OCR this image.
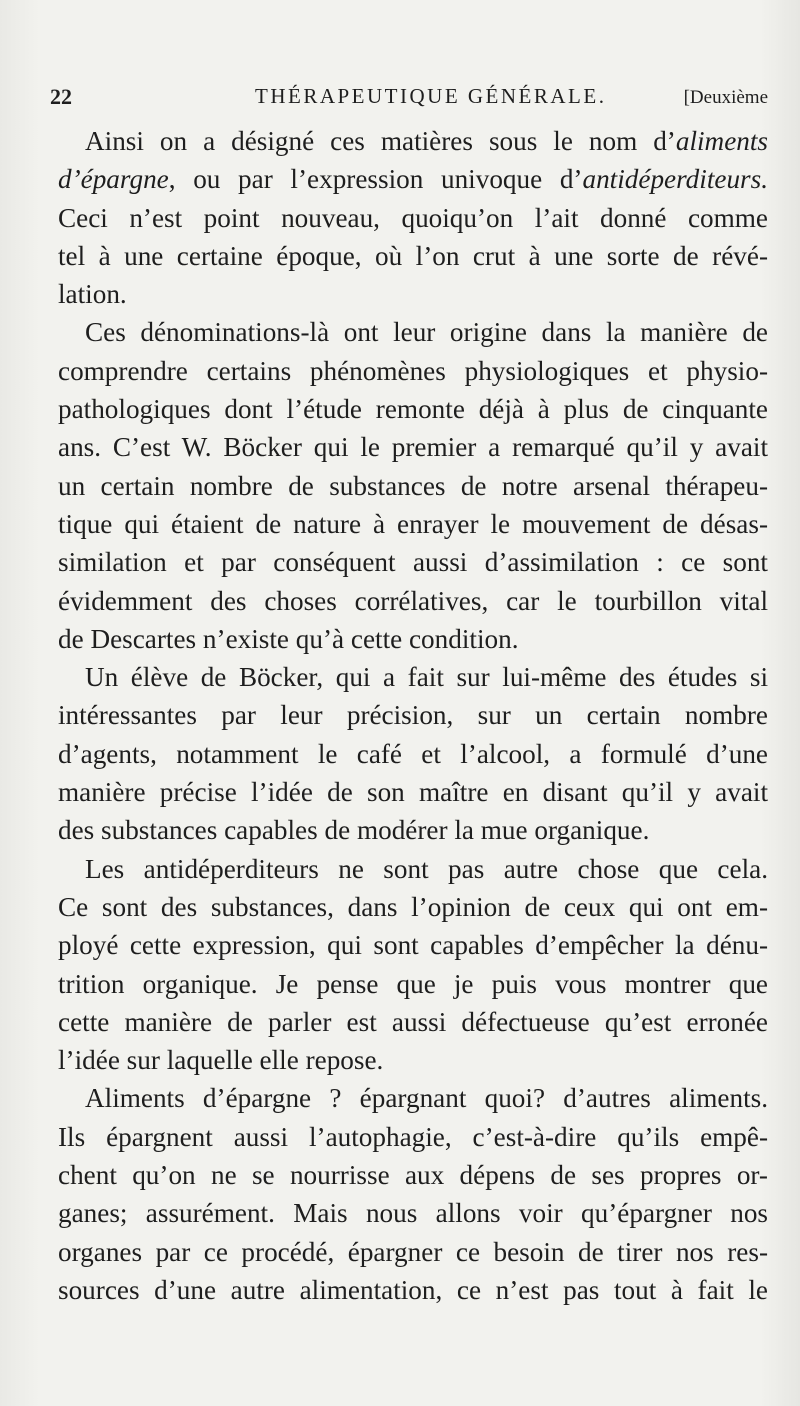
22	THÉRAPEUTIQUE GÉNÉRALE.	[Deuxième
Ainsi on a désigné ces matières sous le nom d’aliments
d’épargne, ou par l’expression univoque d’antidéperditeurs.
Ceci n’est point nouveau, quoiqu’on l’ait donné comme
tel à une certaine époque, où l’on crut à une sorte de révé-
lation.
Ces dénominations-là ont leur origine dans la manière de
comprendre certains phénomènes physiologiques et physio-
pathologiques dont l’étude remonte déjà à plus de cinquante
ans. C’est W. Böcker qui le premier a remarqué qu’il y avait
un certain nombre de substances de notre arsenal thérapeu-
tique qui étaient de nature à enrayer le mouvement de désas-
similation et par conséquent aussi d’assimilation : ce sont
évidemment des choses corrélatives, car le tourbillon vital
de Descartes n’existe qu’à cette condition.
Un élève de Böcker, qui a fait sur lui-même des études si
intéressantes par leur précision, sur un certain nombre
d’agents, notamment le café et l’alcool, a formulé d’une
manière précise l’idée de son maître en disant qu’il y avait
des substances capables de modérer la mue organique.
Les antidéperditeurs ne sont pas autre chose que cela.
Ce sont des substances, dans l’opinion de ceux qui ont em-
ployé cette expression, qui sont capables d’empêcher la dénu-
trition organique. Je pense que je puis vous montrer que
cette manière de parler est aussi défectueuse qu’est erronée
l’idée sur laquelle elle repose.
Aliments d’épargne ? épargnant quoi? d’autres aliments.
Ils épargnent aussi l’autophagie, c’est-à-dire qu’ils empê-
chent qu’on ne se nourrisse aux dépens de ses propres or-
ganes; assurément. Mais nous allons voir qu’épargner nos
organes par ce procédé, épargner ce besoin de tirer nos res-
sources d’une autre alimentation, ce n’est pas tout à fait le
